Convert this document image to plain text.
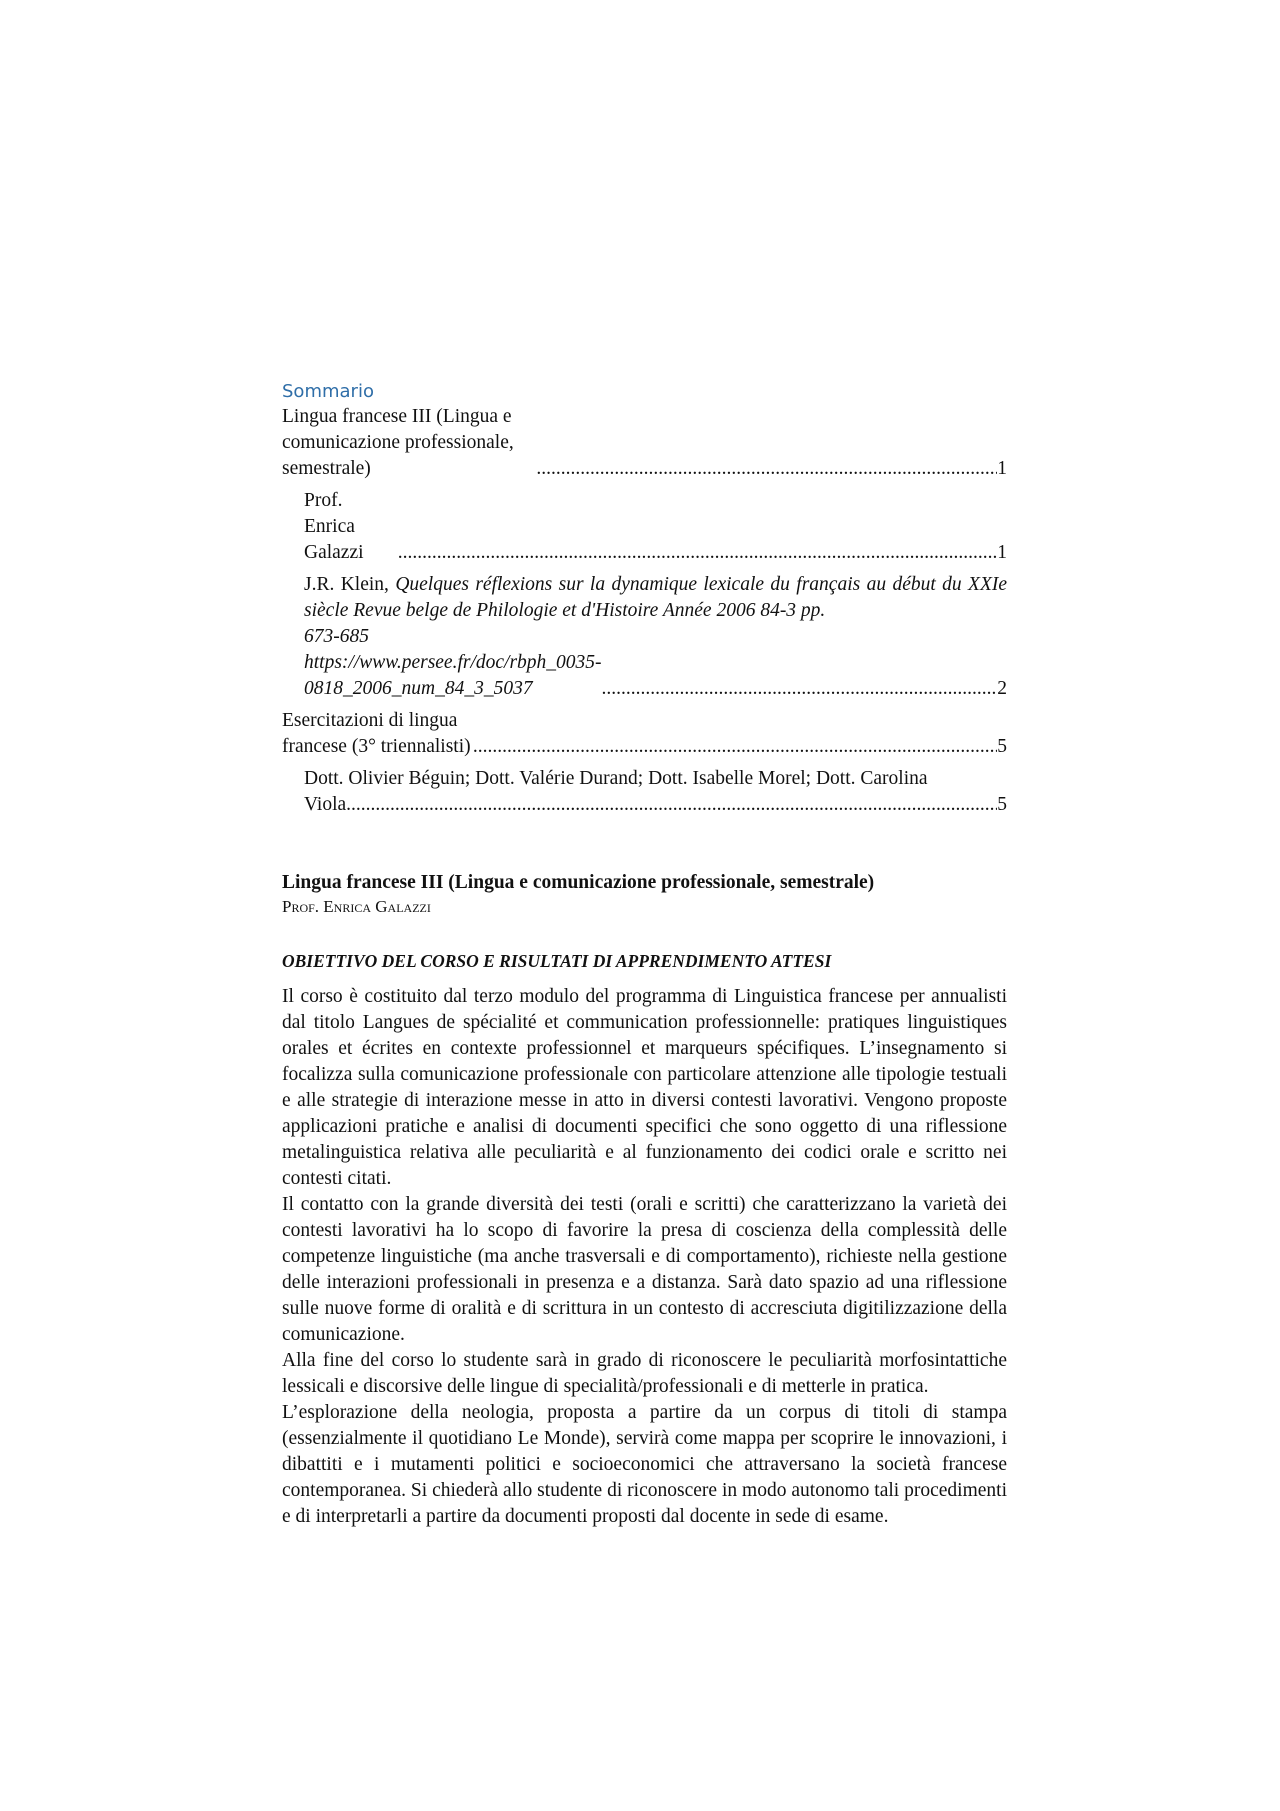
Sommario

Lingua francese III (Lingua e comunicazione professionale, semestrale) .....	1
Prof. Enrica Galazzi .....	1
J.R. Klein, Quelques réflexions sur la dynamique lexicale du français au début du XXIe siècle Revue belge de Philologie et d'Histoire Année 2006 84-3 pp.
673-685 https://www.persee.fr/doc/rbph_0035-0818_2006_num_84_3_5037 .....	2
Esercitazioni di lingua francese (3° triennalisti) .....	5
Dott. Olivier Béguin; Dott. Valérie Durand; Dott. Isabelle Morel; Dott. Carolina
Viola .....	5

Lingua francese III (Lingua e comunicazione professionale, semestrale)

Prof. Enrica Galazzi

OBIETTIVO DEL CORSO E RISULTATI DI APPRENDIMENTO ATTESI

Il corso è costituito dal terzo modulo del programma di Linguistica francese per annualisti dal titolo Langues de spécialité et communication professionnelle: pratiques linguistiques orales et écrites en contexte professionnel et marqueurs spécifiques. L’insegnamento si focalizza sulla comunicazione professionale con particolare attenzione alle tipologie testuali e alle strategie di interazione messe in atto in diversi contesti lavorativi. Vengono proposte applicazioni pratiche e analisi di documenti specifici che sono oggetto di una riflessione metalinguistica relativa alle peculiarità e al funzionamento dei codici orale e scritto nei contesti citati.

Il contatto con la grande diversità dei testi (orali e scritti) che caratterizzano la varietà dei contesti lavorativi ha lo scopo di favorire la presa di coscienza della complessità delle competenze linguistiche (ma anche trasversali e di comportamento), richieste nella gestione delle interazioni professionali in presenza e a distanza. Sarà dato spazio ad una riflessione sulle nuove forme di oralità e di scrittura in un contesto di accresciuta digitilizzazione della comunicazione.

Alla fine del corso lo studente sarà in grado di riconoscere le peculiarità morfosintattiche lessicali e discorsive delle lingue di specialità/professionali e di metterle in pratica.

L’esplorazione della neologia, proposta a partire da un corpus di titoli di stampa (essenzialmente il quotidiano Le Monde), servirà come mappa per scoprire le innovazioni, i dibattiti e i mutamenti politici e socioeconomici che attraversano la società francese contemporanea. Si chiederà allo studente di riconoscere in modo autonomo tali procedimenti e di interpretarli a partire da documenti proposti dal docente in sede di esame.
